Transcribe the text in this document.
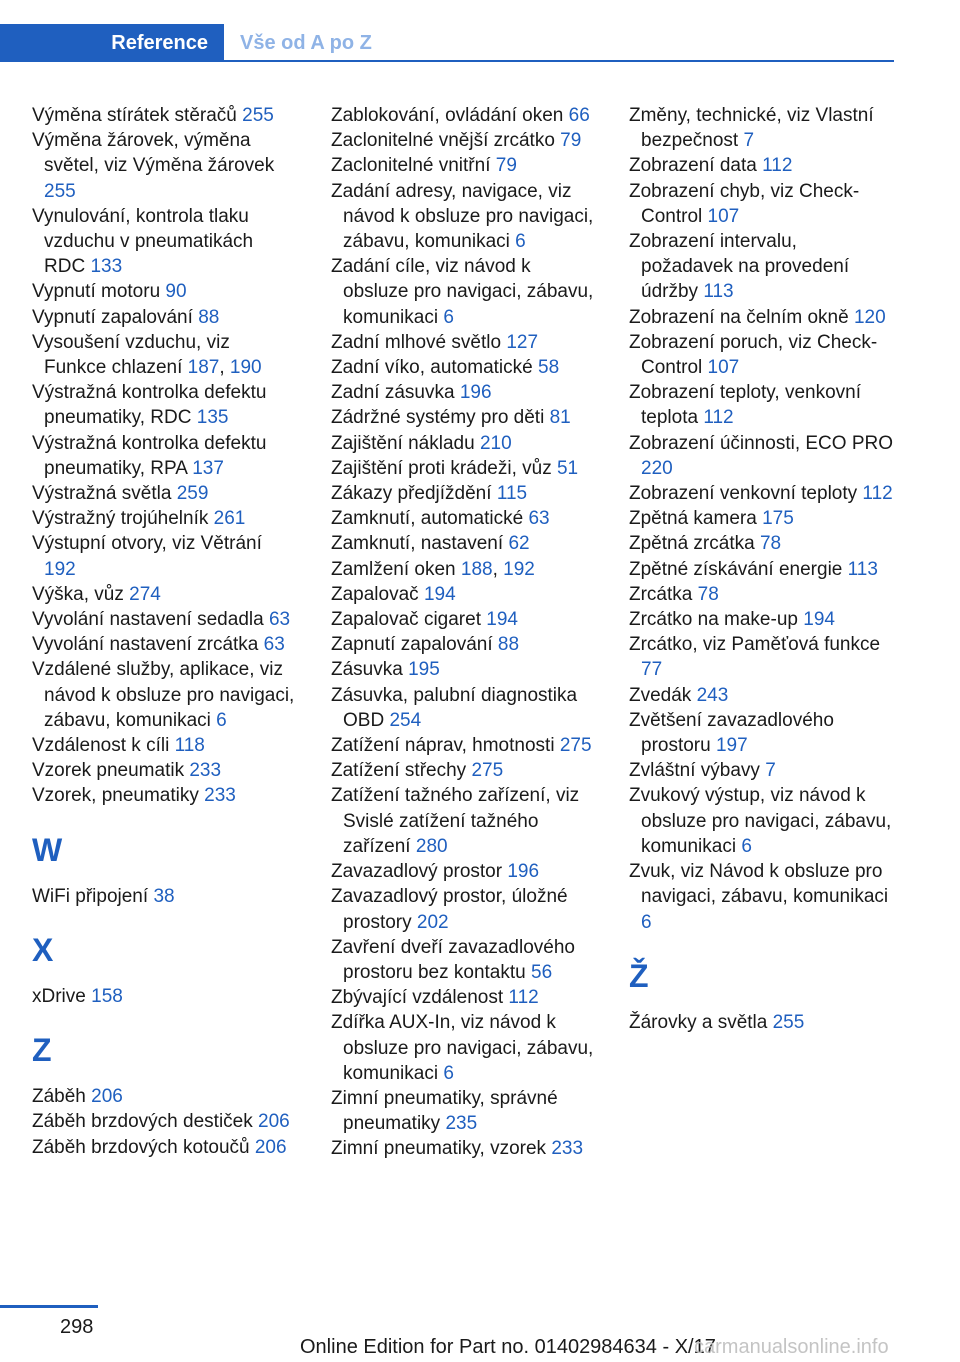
Reference	Vše od A po Z
Výměna stírátek stěračů 255
Výměna žárovek, výměna světel, viz Výměna žárovek 255
Vynulování, kontrola tlaku vzduchu v pneumatikách RDC 133
Vypnutí motoru 90
Vypnutí zapalování 88
Vysoušení vzduchu, viz Funkce chlazení 187, 190
Výstražná kontrolka defektu pneumatiky, RDC 135
Výstražná kontrolka defektu pneumatiky, RPA 137
Výstražná světla 259
Výstražný trojúhelník 261
Výstupní otvory, viz Větrání 192
Výška, vůz 274
Vyvolání nastavení sedadla 63
Vyvolání nastavení zrcátka 63
Vzdálené služby, aplikace, viz návod k obsluze pro navigaci, zábavu, komunikaci 6
Vzdálenost k cíli 118
Vzorek pneumatik 233
Vzorek, pneumatiky 233
W
WiFi připojení 38
X
xDrive 158
Z
Záběh 206
Záběh brzdových destiček 206
Záběh brzdových kotoučů 206
Zablokování, ovládání oken 66
Zaclonitelné vnější zrcátko 79
Zaclonitelné vnitřní 79
Zadání adresy, navigace, viz návod k obsluze pro navigaci, zábavu, komunikaci 6
Zadání cíle, viz návod k obsluze pro navigaci, zábavu, komunikaci 6
Zadní mlhové světlo 127
Zadní víko, automatické 58
Zadní zásuvka 196
Zádržné systémy pro děti 81
Zajištění nákladu 210
Zajištění proti krádeži, vůz 51
Zákazy předjíždění 115
Zamknutí, automatické 63
Zamknutí, nastavení 62
Zamlžení oken 188, 192
Zapalovač 194
Zapalovač cigaret 194
Zapnutí zapalování 88
Zásuvka 195
Zásuvka, palubní diagnostika OBD 254
Zatížení náprav, hmotnosti 275
Zatížení střechy 275
Zatížení tažného zařízení, viz Svislé zatížení tažného zařízení 280
Zavazadlový prostor 196
Zavazadlový prostor, úložné prostory 202
Zavření dveří zavazadlového prostoru bez kontaktu 56
Zbývající vzdálenost 112
Zdířka AUX-In, viz návod k obsluze pro navigaci, zábavu, komunikaci 6
Zimní pneumatiky, správné pneumatiky 235
Zimní pneumatiky, vzorek 233
Změny, technické, viz Vlastní bezpečnost 7
Zobrazení data 112
Zobrazení chyb, viz Check-Control 107
Zobrazení intervalu, požadavek na provedení údržby 113
Zobrazení na čelním okně 120
Zobrazení poruch, viz Check-Control 107
Zobrazení teploty, venkovní teplota 112
Zobrazení účinnosti, ECO PRO 220
Zobrazení venkovní teploty 112
Zpětná kamera 175
Zpětná zrcátka 78
Zpětné získávání energie 113
Zrcátka 78
Zrcátko na make-up 194
Zrcátko, viz Paměťová funkce 77
Zvedák 243
Zvětšení zavazadlového prostoru 197
Zvláštní výbavy 7
Zvukový výstup, viz návod k obsluze pro navigaci, zábavu, komunikaci 6
Zvuk, viz Návod k obsluze pro navigaci, zábavu, komunikaci 6
Ž
Žárovky a světla 255
298
Online Edition for Part no. 01402984634 - X/17
carmanualsonline.info
